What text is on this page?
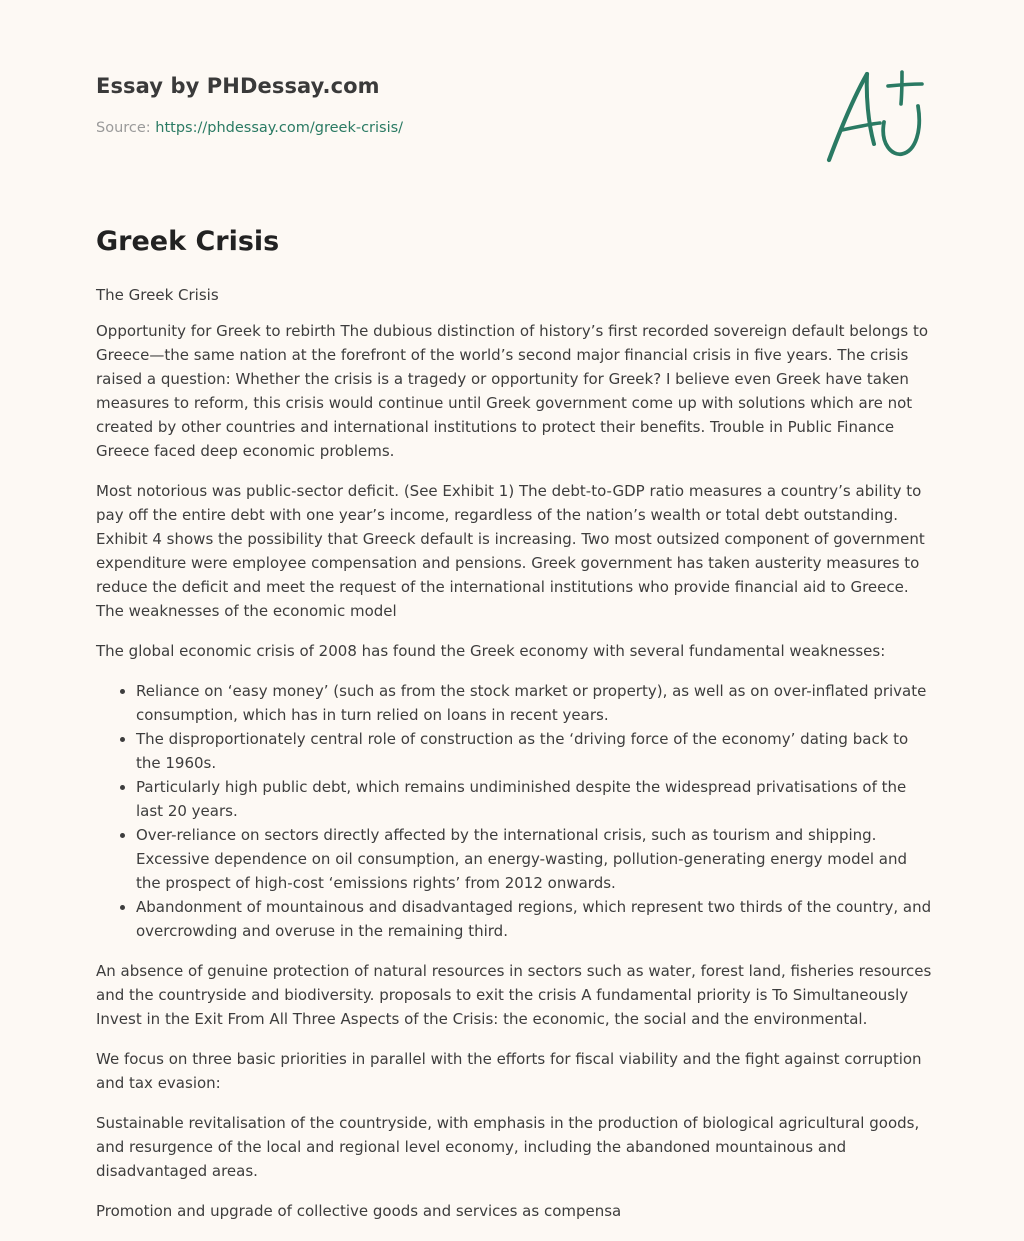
Essay by PHDessay.com
Source: https://phdessay.com/greek-crisis/
Greek Crisis

The Greek Crisis

Opportunity for Greek to rebirth The dubious distinction of history’s first recorded sovereign default belongs to Greece—the same nation at the forefront of the world’s second major financial crisis in five years. The crisis raised a question: Whether the crisis is a tragedy or opportunity for Greek? I believe even Greek have taken measures to reform, this crisis would continue until Greek government come up with solutions which are not created by other countries and international institutions to protect their benefits. Trouble in Public Finance Greece faced deep economic problems.

Most notorious was public-sector deficit. (See Exhibit 1) The debt-to-GDP ratio measures a country’s ability to pay off the entire debt with one year’s income, regardless of the nation’s wealth or total debt outstanding. Exhibit 4 shows the possibility that Greeck default is increasing. Two most outsized component of government expenditure were employee compensation and pensions. Greek government has taken austerity measures to reduce the deficit and meet the request of the international institutions who provide financial aid to Greece. The weaknesses of the economic model

The global economic crisis of 2008 has found the Greek economy with several fundamental weaknesses:

• Reliance on ‘easy money’ (such as from the stock market or property), as well as on over-inflated private consumption, which has in turn relied on loans in recent years.
• The disproportionately central role of construction as the ‘driving force of the economy’ dating back to the 1960s.
• Particularly high public debt, which remains undiminished despite the widespread privatisations of the last 20 years.
• Over-reliance on sectors directly affected by the international crisis, such as tourism and shipping. Excessive dependence on oil consumption, an energy-wasting, pollution-generating energy model and the prospect of high-cost ‘emissions rights’ from 2012 onwards.
• Abandonment of mountainous and disadvantaged regions, which represent two thirds of the country, and overcrowding and overuse in the remaining third.

An absence of genuine protection of natural resources in sectors such as water, forest land, fisheries resources and the countryside and biodiversity. proposals to exit the crisis A fundamental priority is To Simultaneously Invest in the Exit From All Three Aspects of the Crisis: the economic, the social and the environmental.

We focus on three basic priorities in parallel with the efforts for fiscal viability and the fight against corruption and tax evasion:

Sustainable revitalisation of the countryside, with emphasis in the production of biological agricultural goods, and resurgence of the local and regional level economy, including the abandoned mountainous and disadvantaged areas.

Promotion and upgrade of collective goods and services as compensa
